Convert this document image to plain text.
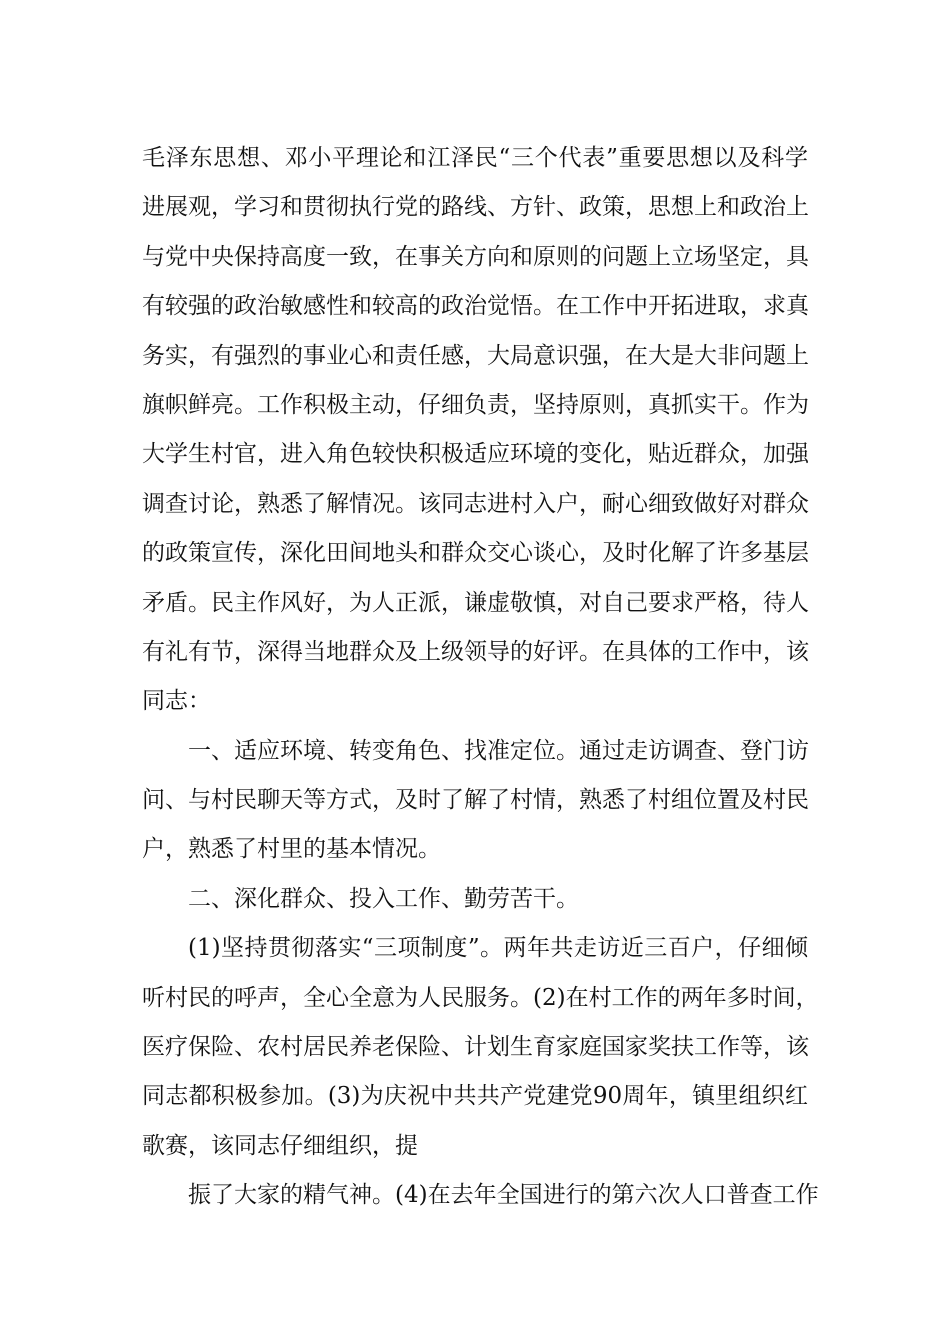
毛泽东思想、邓小平理论和江泽民“三个代表”重要思想以及科学
进展观，学习和贯彻执行党的路线、方针、政策，思想上和政治上
与党中央保持高度一致，在事关方向和原则的问题上立场坚定，具
有较强的政治敏感性和较高的政治觉悟。在工作中开拓进取，求真
务实，有强烈的事业心和责任感，大局意识强，在大是大非问题上
旗帜鲜亮。工作积极主动，仔细负责，坚持原则，真抓实干。作为
大学生村官，进入角色较快积极适应环境的变化，贴近群众，加强
调查讨论，熟悉了解情况。该同志进村入户，耐心细致做好对群众
的政策宣传，深化田间地头和群众交心谈心，及时化解了许多基层
矛盾。民主作风好，为人正派，谦虚敬慎，对自己要求严格，待人
有礼有节，深得当地群众及上级领导的好评。在具体的工作中，该
同志：
一、适应环境、转变角色、找准定位。通过走访调查、登门访
问、与村民聊天等方式，及时了解了村情，熟悉了村组位置及村民
户，熟悉了村里的基本情况。
二、深化群众、投入工作、勤劳苦干。
(1)坚持贯彻落实“三项制度”。两年共走访近三百户，仔细倾
听村民的呼声，全心全意为人民服务。(2)在村工作的两年多时间，
医疗保险、农村居民养老保险、计划生育家庭国家奖扶工作等，该
同志都积极参加。(3)为庆祝中共共产党建党90周年，镇里组织红
歌赛，该同志仔细组织，提
振了大家的精气神。(4)在去年全国进行的第六次人口普查工作
